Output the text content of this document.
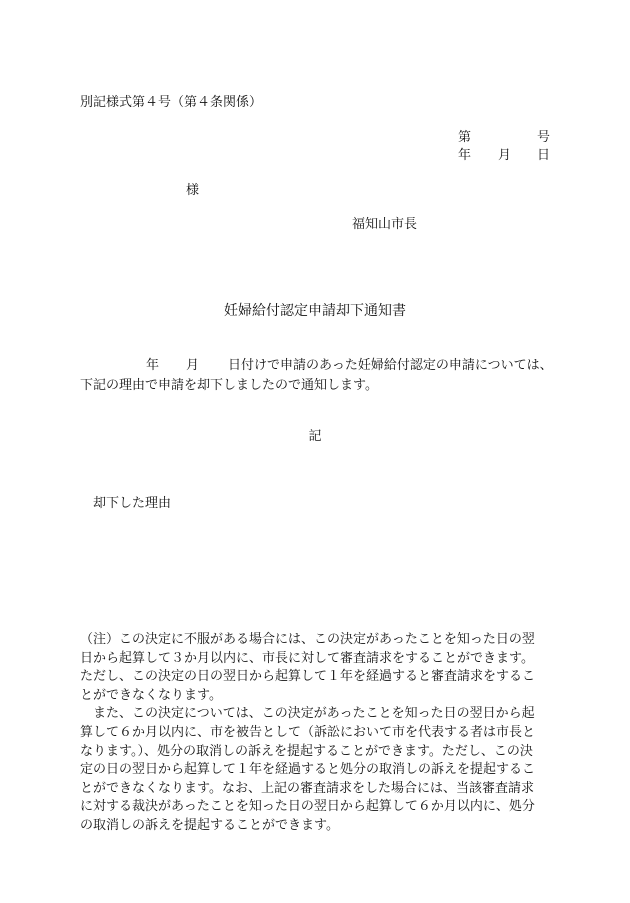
別記様式第４号（第４条関係）
第	号
年 月 日
様
福知山市長
妊婦給付認定申請却下通知書
年 月 日付けで申請のあった妊婦給付認定の申請については、
下記の理由で申請を却下しましたので通知します。
記
却下した理由
（注）この決定に不服がある場合には、この決定があったことを知った日の翌
日から起算して３か月以内に、市長に対して審査請求をすることができます。
ただし、この決定の日の翌日から起算して１年を経過すると審査請求をするこ
とができなくなります。
　また、この決定については、この決定があったことを知った日の翌日から起
算して６か月以内に、市を被告として（訴訟において市を代表する者は市長と
なります。）、処分の取消しの訴えを提起することができます。ただし、この決
定の日の翌日から起算して１年を経過すると処分の取消しの訴えを提起するこ
とができなくなります。なお、上記の審査請求をした場合には、当該審査請求
に対する裁決があったことを知った日の翌日から起算して６か月以内に、処分
の取消しの訴えを提起することができます。
